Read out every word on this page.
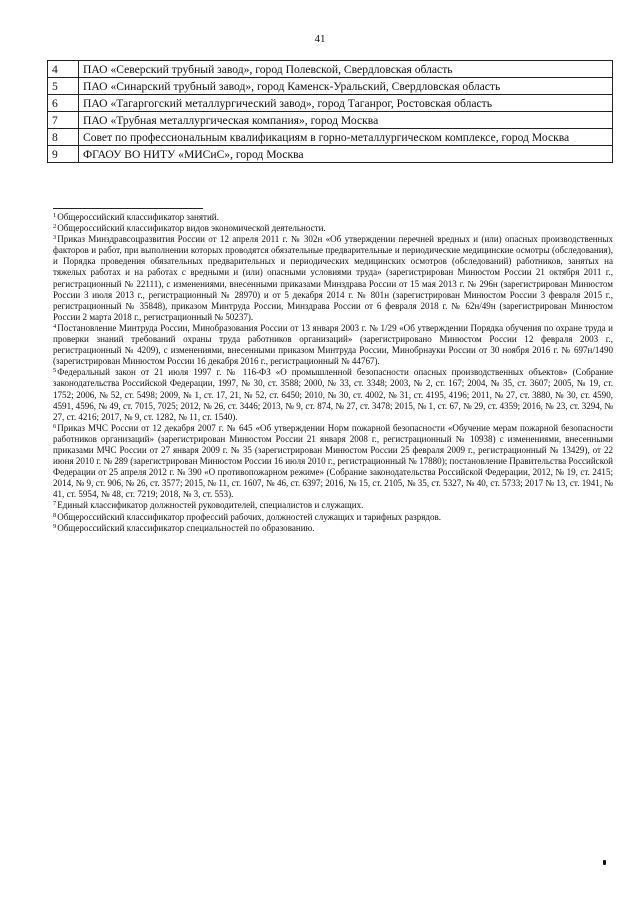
41
4	ПАО «Северский трубный завод», город Полевской, Свердловская область
5	ПАО «Синарский трубный завод», город Каменск-Уральский, Свердловская область
6	ПАО «Тагаргогский металлургический завод», город Таганрог, Ростовская область
7	ПАО «Трубная металлургическая компания», город Москва
8	Совет по профессиональным квалификациям в горно-металлургическом комплексе, город Москва
9	ФГАОУ ВО НИТУ «МИСиС», город Москва

$^1$Общероссийский классификатор занятий.

$^2$Общероссийский классификатор видов экономической деятельности.

$^3$Приказ Минздравсоцразвития России от 12 апреля 2011 г. № 302н «Об утверждении перечней вредных и (или) опасных производственных факторов и работ, при выполнении которых проводятся обязательные предварительные и периодические медицинские осмотры (обследования), и Порядка проведения обязательных предварительных и периодических медицинских осмотров (обследований) работников, занятых на тяжелых работах и на работах с вредными и (или) опасными условиями труда» (зарегистрирован Минюстом России 21 октября 2011 г., регистрационный № 22111), с изменениями, внесенными приказами Минздрава России от 15 мая 2013 г. № 296н (зарегистрирован Минюстом России 3 июля 2013 г., регистрационный № 28970) и от 5 декабря 2014 г. № 801н (зарегистрирован Минюстом России 3 февраля 2015 г., регистрационный № 35848), приказом Минтруда России, Минздрава России от 6 февраля 2018 г. № 62н/49н (зарегистрирован Минюстом России 2 марта 2018 г., регистрационный № 50237).

$^4$Постановление Минтруда России, Минобразования России от 13 января 2003 г. № 1/29 «Об утверждении Порядка обучения по охране труда и проверки знаний требований охраны труда работников организаций» (зарегистрировано Минюстом России 12 февраля 2003 г., регистрационный № 4209), с изменениями, внесенными приказом Минтруда России, Минобрнауки России от 30 ноября 2016 г. № 697н/1490 (зарегистрирован Минюстом России 16 декабря 2016 г., регистрационный № 44767).

$^5$Федеральный закон от 21 июля 1997 г. № 116-ФЗ «О промышленной безопасности опасных производственных объектов» (Собрание законодательства Российской Федерации, 1997, № 30, ст. 3588; 2000, № 33, ст. 3348; 2003, № 2, ст. 167; 2004, № 35, ст. 3607; 2005, № 19, ст. 1752; 2006, № 52, ст. 5498; 2009, № 1, ст. 17, 21, № 52, ст. 6450; 2010, № 30, ст. 4002, № 31, ст. 4195, 4196; 2011, № 27, ст. 3880, № 30, ст. 4590, 4591, 4596, № 49, ст. 7015, 7025; 2012, № 26, ст. 3446; 2013, № 9, ст. 874, № 27, ст. 3478; 2015, № 1, ст. 67, № 29, ст. 4359; 2016, № 23, ст. 3294, № 27, ст. 4216; 2017, № 9, ст. 1282, № 11, ст. 1540).

$^6$Приказ МЧС России от 12 декабря 2007 г. № 645 «Об утверждении Норм пожарной безопасности «Обучение мерам пожарной безопасности работников организаций» (зарегистрирован Минюстом России 21 января 2008 г., регистрационный № 10938) с изменениями, внесенными приказами МЧС России от 27 января 2009 г. № 35 (зарегистрирован Минюстом России 25 февраля 2009 г., регистрационный № 13429), от 22 июня 2010 г. № 289 (зарегистрирован Минюстом России 16 июля 2010 г., регистрационный № 17880); постановление Правительства Российской Федерации от 25 апреля 2012 г. № 390 «О противопожарном режиме» (Собрание законодательства Российской Федерации, 2012, № 19, ст. 2415; 2014, № 9, ст. 906, № 26, ст. 3577; 2015, № 11, ст. 1607, № 46, ст. 6397; 2016, № 15, ст. 2105, № 35, ст. 5327, № 40, ст. 5733; 2017 № 13, ст. 1941, № 41, ст. 5954, № 48, ст. 7219; 2018, № 3, ст. 553).

$^7$Единый классификатор должностей руководителей, специалистов и служащих.

$^8$Общероссийский классификатор профессий рабочих, должностей служащих и тарифных разрядов.

$^9$Общероссийский классификатор специальностей по образованию.
